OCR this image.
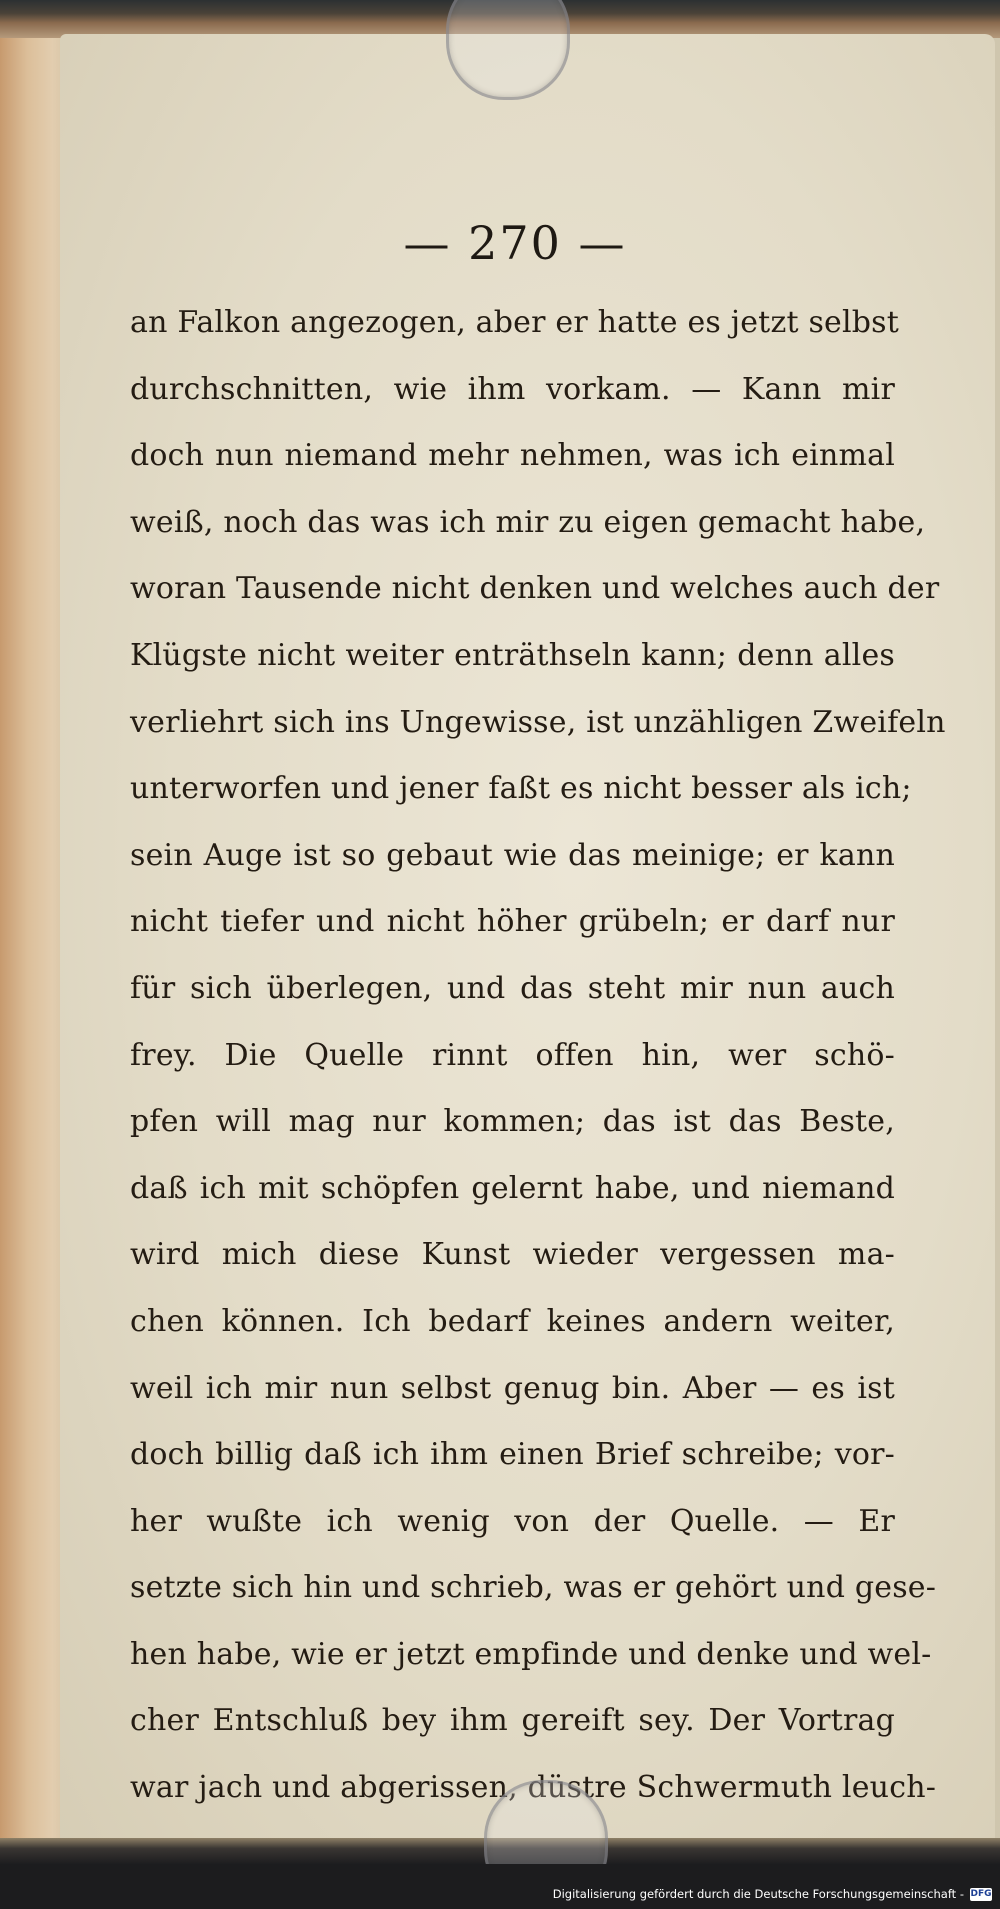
— 270 —
an Falkon angezogen, aber er hatte es jetzt selbst
durchschnitten, wie ihm vorkam. — Kann mir
doch nun niemand mehr nehmen, was ich einmal
weiß, noch das was ich mir zu eigen gemacht habe,
woran Tausende nicht denken und welches auch der
Klügste nicht weiter enträthseln kann; denn alles
verliehrt sich ins Ungewisse, ist unzähligen Zweifeln
unterworfen und jener faßt es nicht besser als ich;
sein Auge ist so gebaut wie das meinige; er kann
nicht tiefer und nicht höher grübeln; er darf nur
für sich überlegen, und das steht mir nun auch
frey. Die Quelle rinnt offen hin, wer schö-
pfen will mag nur kommen; das ist das Beste,
daß ich mit schöpfen gelernt habe, und niemand
wird mich diese Kunst wieder vergessen ma-
chen können. Ich bedarf keines andern weiter,
weil ich mir nun selbst genug bin. Aber — es ist
doch billig daß ich ihm einen Brief schreibe; vor-
her wußte ich wenig von der Quelle. — Er
setzte sich hin und schrieb, was er gehört und gese-
hen habe, wie er jetzt empfinde und denke und wel-
cher Entschluß bey ihm gereift sey. Der Vortrag
war jach und abgerissen, düstre Schwermuth leuch-
Digitalisierung gefördert durch die Deutsche Forschungsgemeinschaft - DFG
